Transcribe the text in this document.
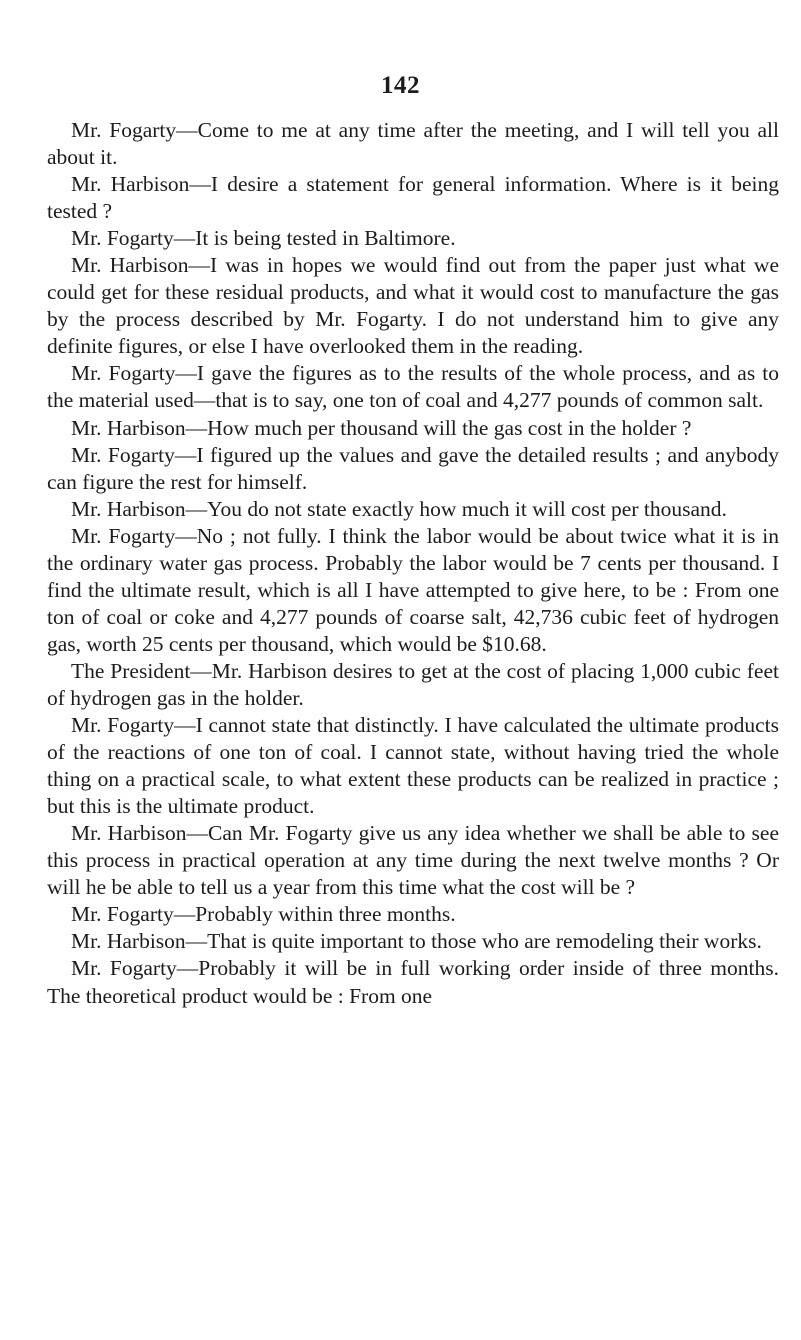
142

Mr. Fogarty—Come to me at any time after the meeting, and I will tell you all about it.

Mr. Harbison—I desire a statement for general information. Where is it being tested ?

Mr. Fogarty—It is being tested in Baltimore.

Mr. Harbison—I was in hopes we would find out from the paper just what we could get for these residual products, and what it would cost to manufacture the gas by the process described by Mr. Fogarty. I do not understand him to give any definite figures, or else I have overlooked them in the reading.

Mr. Fogarty—I gave the figures as to the results of the whole process, and as to the material used—that is to say, one ton of coal and 4,277 pounds of common salt.

Mr. Harbison—How much per thousand will the gas cost in the holder ?

Mr. Fogarty—I figured up the values and gave the detailed results ; and anybody can figure the rest for himself.

Mr. Harbison—You do not state exactly how much it will cost per thousand.

Mr. Fogarty—No ; not fully. I think the labor would be about twice what it is in the ordinary water gas process. Probably the labor would be 7 cents per thousand. I find the ultimate result, which is all I have attempted to give here, to be : From one ton of coal or coke and 4,277 pounds of coarse salt, 42,736 cubic feet of hydrogen gas, worth 25 cents per thousand, which would be $10.68.

The President—Mr. Harbison desires to get at the cost of placing 1,000 cubic feet of hydrogen gas in the holder.

Mr. Fogarty—I cannot state that distinctly. I have calculated the ultimate products of the reactions of one ton of coal. I cannot state, without having tried the whole thing on a practical scale, to what extent these products can be realized in practice ; but this is the ultimate product.

Mr. Harbison—Can Mr. Fogarty give us any idea whether we shall be able to see this process in practical operation at any time during the next twelve months ? Or will he be able to tell us a year from this time what the cost will be ?

Mr. Fogarty—Probably within three months.

Mr. Harbison—That is quite important to those who are remodeling their works.

Mr. Fogarty—Probably it will be in full working order inside of three months. The theoretical product would be : From one
